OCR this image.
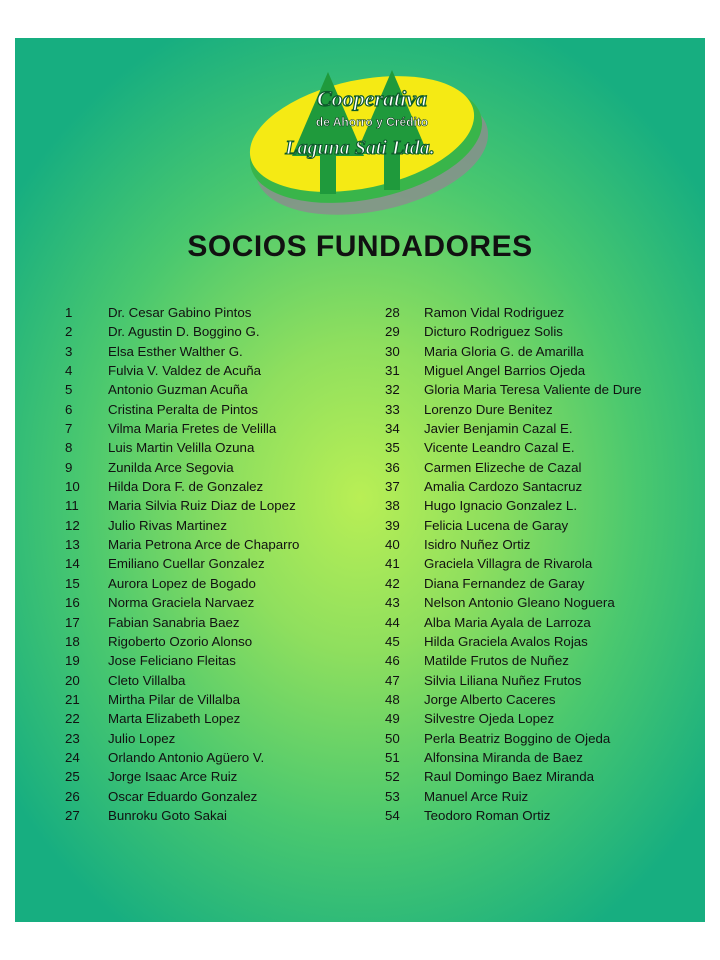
Cooperativa
de Ahorro y Crédito
Laguna Sati Ltda.
SOCIOS FUNDADORES
1	Dr. Cesar Gabino Pintos
2	Dr. Agustin D. Boggino G.
3	Elsa Esther Walther G.
4	Fulvia V. Valdez de Acuña
5	Antonio Guzman Acuña
6	Cristina Peralta de Pintos
7	Vilma Maria Fretes de Velilla
8	Luis Martin Velilla Ozuna
9	Zunilda Arce Segovia
10 Hilda Dora F. de Gonzalez
11 Maria Silvia Ruiz Diaz de Lopez
12 Julio Rivas Martinez
13 Maria Petrona Arce de Chaparro
14 Emiliano Cuellar Gonzalez
15 Aurora Lopez de Bogado
16 Norma Graciela Narvaez
17 Fabian Sanabria Baez
18 Rigoberto Ozorio Alonso
19 Jose Feliciano Fleitas
20 Cleto Villalba
21 Mirtha Pilar de Villalba
22 Marta Elizabeth Lopez
23 Julio Lopez
24 Orlando Antonio Agüero V.
25 Jorge Isaac Arce Ruiz
26 Oscar Eduardo Gonzalez
27 Bunroku Goto Sakai
28 Ramon Vidal Rodriguez
29 Dicturo Rodriguez Solis
30 Maria Gloria G. de Amarilla
31 Miguel Angel Barrios Ojeda
32 Gloria Maria Teresa Valiente de Dure
33 Lorenzo Dure Benitez
34 Javier Benjamin Cazal E.
35 Vicente Leandro Cazal E.
36 Carmen Elizeche de Cazal
37 Amalia Cardozo Santacruz
38 Hugo Ignacio Gonzalez L.
39 Felicia Lucena de Garay
40 Isidro Nuñez Ortiz
41 Graciela Villagra de Rivarola
42 Diana Fernandez de Garay
43 Nelson Antonio Gleano Noguera
44 Alba Maria Ayala de Larroza
45 Hilda Graciela Avalos Rojas
46 Matilde Frutos de Nuñez
47 Silvia Liliana Nuñez Frutos
48 Jorge Alberto Caceres
49 Silvestre Ojeda Lopez
50 Perla Beatriz Boggino de Ojeda
51 Alfonsina Miranda de Baez
52 Raul Domingo Baez Miranda
53 Manuel Arce Ruiz
54 Teodoro Roman Ortiz
